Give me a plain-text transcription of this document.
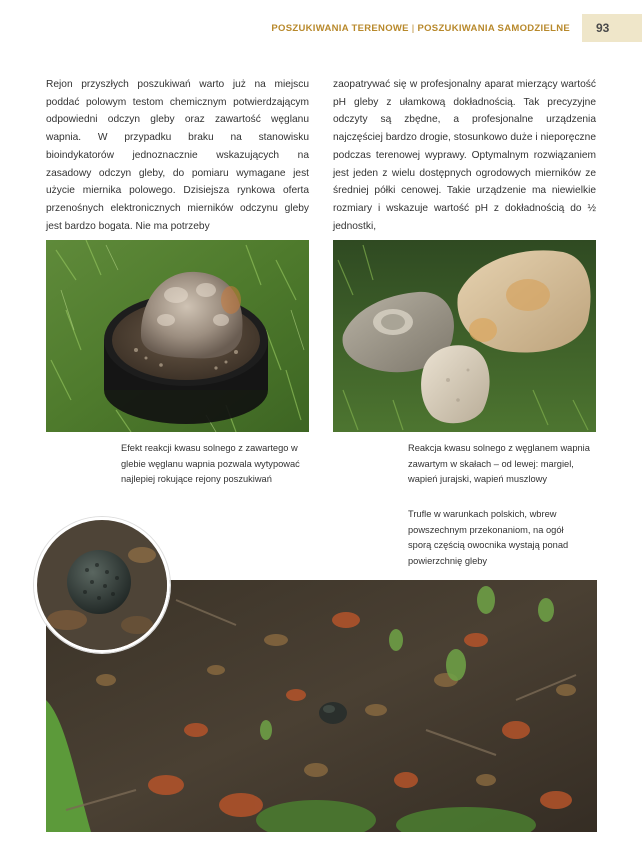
POSZUKIWANIA TERENOWE | POSZUKIWANIA SAMODZIELNE	93
Rejon przyszłych poszukiwań warto już na miejscu poddać polowym testom chemicznym potwierdzającym odpowiedni odczyn gleby oraz zawartość węglanu wapnia. W przypadku braku na stanowisku bioindykatorów jednoznacznie wskazujących na zasadowy odczyn gleby, do pomiaru wymagane jest użycie miernika polowego. Dzisiejsza rynkowa oferta przenośnych elektronicznych mierników odczynu gleby jest bardzo bogata. Nie ma potrzeby
zaopatrywać się w profesjonalny aparat mierzący wartość pH gleby z ułamkową dokładnością. Tak precyzyjne odczyty są zbędne, a profesjonalne urządzenia najczęściej bardzo drogie, stosunkowo duże i nieporęczne podczas terenowej wyprawy. Optymalnym rozwiązaniem jest jeden z wielu dostępnych ogrodowych mierników ze średniej półki cenowej. Takie urządzenie ma niewielkie rozmiary i wskazuje wartość pH z dokładnością do ½ jednostki,
Efekt reakcji kwasu solnego z zawartego w glebie węglanu wapnia pozwala wytypować najlepiej rokujące rejony poszukiwań
Reakcja kwasu solnego z węglanem wapnia zawartym w skałach – od lewej: margiel, wapień jurajski, wapień muszlowy
Trufle w warunkach polskich, wbrew powszechnym przekonaniom, na ogół sporą częścią owocnika wystają ponad powierzchnię gleby
